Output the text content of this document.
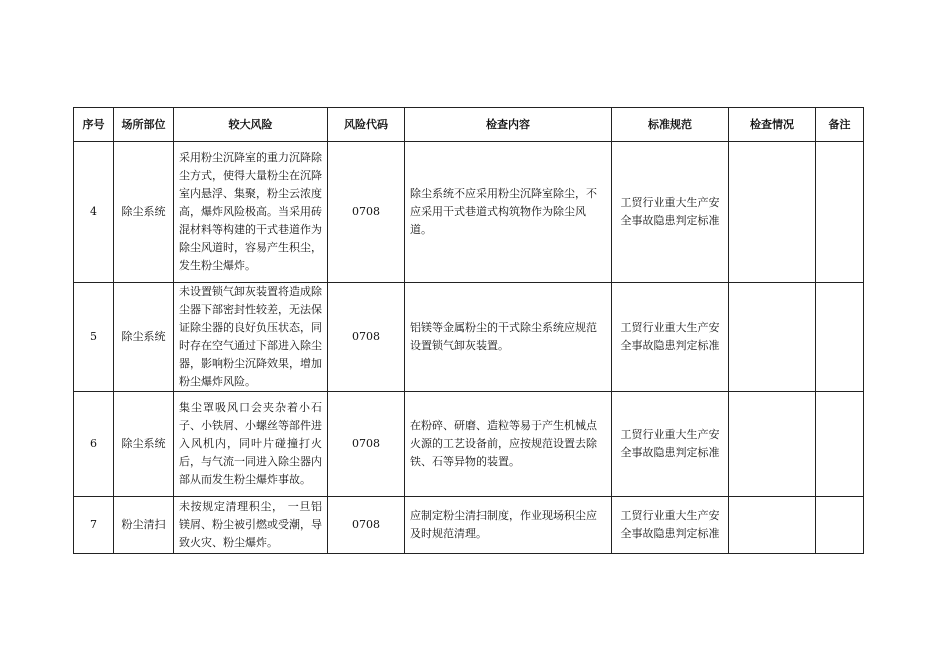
序号	场所部位	较大风险	风险代码	检查内容	标准规范	检查情况	备注
4	除尘系统	采用粉尘沉降室的重力沉降除尘方式，使得大量粉尘在沉降室内悬浮、集聚，粉尘云浓度高，爆炸风险极高。当采用砖混材料等构建的干式巷道作为除尘风道时，容易产生积尘，发生粉尘爆炸。	0708	除尘系统不应采用粉尘沉降室除尘，不应采用干式巷道式构筑物作为除尘风道。	工贸行业重大生产安全事故隐患判定标准		
5	除尘系统	未设置锁气卸灰装置将造成除尘器下部密封性较差，无法保证除尘器的良好负压状态，同时存在空气通过下部进入除尘器，影响粉尘沉降效果，增加粉尘爆炸风险。	0708	铝镁等金属粉尘的干式除尘系统应规范设置锁气卸灰装置。	工贸行业重大生产安全事故隐患判定标准		
6	除尘系统	集尘罩吸风口会夹杂着小石子、小铁屑、小螺丝等部件进入风机内，同叶片碰撞打火后，与气流一同进入除尘器内部从而发生粉尘爆炸事故。	0708	在粉碎、研磨、造粒等易于产生机械点火源的工艺设备前，应按规范设置去除铁、石等异物的装置。	工贸行业重大生产安全事故隐患判定标准		
7	粉尘清扫	未按规定清理积尘， 一旦铝镁屑、粉尘被引燃或受潮，导致火灾、粉尘爆炸。	0708	应制定粉尘清扫制度，作业现场积尘应及时规范清理。	工贸行业重大生产安全事故隐患判定标准		
